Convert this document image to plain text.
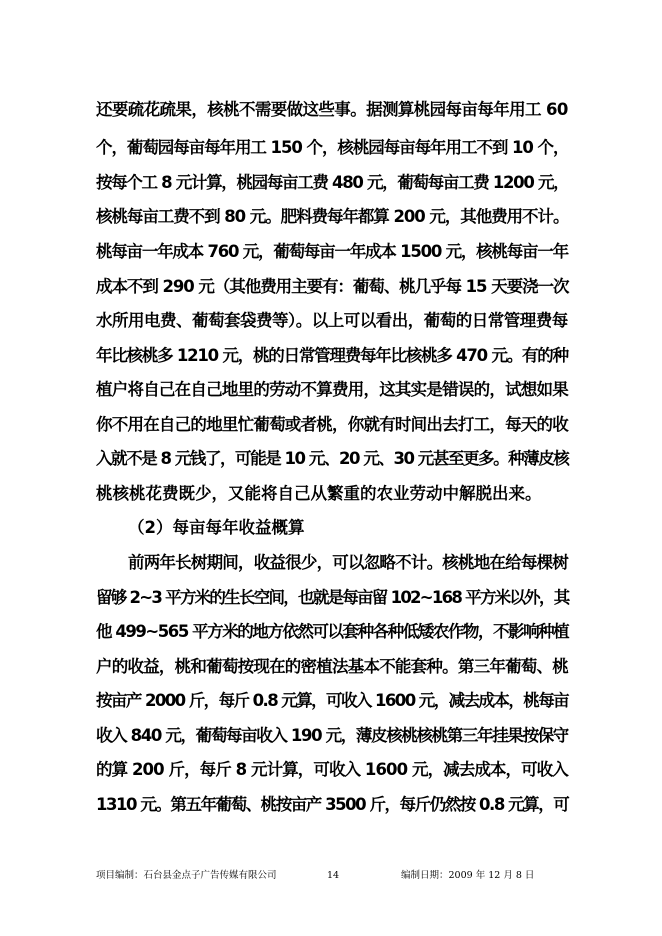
还要疏花疏果，核桃不需要做这些事。据测算桃园每亩每年用工 60
个，葡萄园每亩每年用工 150 个，核桃园每亩每年用工不到 10 个，
按每个工 8 元计算，桃园每亩工费 480 元，葡萄每亩工费 1200 元，
核桃每亩工费不到 80 元。肥料费每年都算 200 元，其他费用不计。
桃每亩一年成本 760 元，葡萄每亩一年成本 1500 元，核桃每亩一年
成本不到 290 元（其他费用主要有：葡萄、桃几乎每 15 天要浇一次
水所用电费、葡萄套袋费等）。以上可以看出，葡萄的日常管理费每
年比核桃多 1210 元，桃的日常管理费每年比核桃多 470 元。有的种
植户将自己在自己地里的劳动不算费用，这其实是错误的，试想如果
你不用在自己的地里忙葡萄或者桃，你就有时间出去打工，每天的收
入就不是 8 元钱了，可能是 10 元、20 元、30 元甚至更多。种薄皮核
桃核桃花费既少，又能将自己从繁重的农业劳动中解脱出来。
（2）每亩每年收益概算
前两年长树期间，收益很少，可以忽略不计。核桃地在给每棵树
留够 2~3 平方米的生长空间，也就是每亩留 102~168 平方米以外，其
他 499~565 平方米的地方依然可以套种各种低矮农作物，不影响种植
户的收益，桃和葡萄按现在的密植法基本不能套种。第三年葡萄、桃
按亩产 2000 斤，每斤 0.8 元算，可收入 1600 元，减去成本，桃每亩
收入 840 元，葡萄每亩收入 190 元，薄皮核桃核桃第三年挂果按保守
的算 200 斤，每斤 8 元计算，可收入 1600 元，减去成本，可收入
1310 元。第五年葡萄、桃按亩产 3500 斤，每斤仍然按 0.8 元算，可
项目编制：石台县金点子广告传媒有限公司	14	编制日期：2009 年 12 月 8 日
